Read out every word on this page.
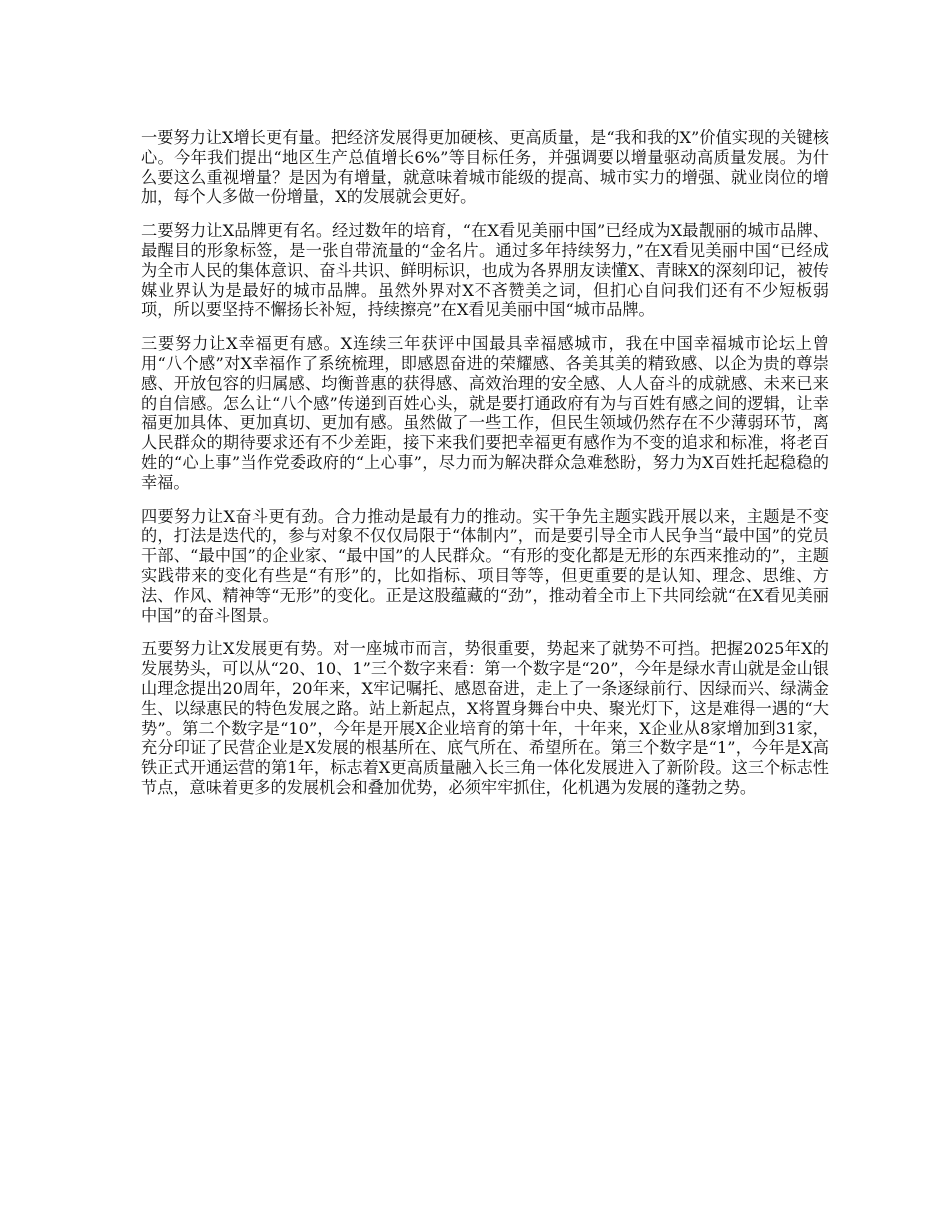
一要努力让X增长更有量。把经济发展得更加硬核、更高质量，是“我和我的X”价值实现的关键核心。今年我们提出“地区生产总值增长6%”等目标任务，并强调要以增量驱动高质量发展。为什么要这么重视增量？是因为有增量，就意味着城市能级的提高、城市实力的增强、就业岗位的增加，每个人多做一份增量，X的发展就会更好。

二要努力让X品牌更有名。经过数年的培育，“在X看见美丽中国”已经成为X最靓丽的城市品牌、最醒目的形象标签，是一张自带流量的“金名片。通过多年持续努力，”在X看见美丽中国“已经成为全市人民的集体意识、奋斗共识、鲜明标识，也成为各界朋友读懂X、青睐X的深刻印记，被传媒业界认为是最好的城市品牌。虽然外界对X不吝赞美之词，但扪心自问我们还有不少短板弱项，所以要坚持不懈扬长补短，持续擦亮”在X看见美丽中国“城市品牌。

三要努力让X幸福更有感。X连续三年获评中国最具幸福感城市，我在中国幸福城市论坛上曾用“八个感”对X幸福作了系统梳理，即感恩奋进的荣耀感、各美其美的精致感、以企为贵的尊崇感、开放包容的归属感、均衡普惠的获得感、高效治理的安全感、人人奋斗的成就感、未来已来的自信感。怎么让“八个感”传递到百姓心头，就是要打通政府有为与百姓有感之间的逻辑，让幸福更加具体、更加真切、更加有感。虽然做了一些工作，但民生领域仍然存在不少薄弱环节，离人民群众的期待要求还有不少差距，接下来我们要把幸福更有感作为不变的追求和标准，将老百姓的“心上事”当作党委政府的“上心事”，尽力而为解决群众急难愁盼，努力为X百姓托起稳稳的幸福。

四要努力让X奋斗更有劲。合力推动是最有力的推动。实干争先主题实践开展以来，主题是不变的，打法是迭代的，参与对象不仅仅局限于“体制内”，而是要引导全市人民争当“最中国”的党员干部、“最中国”的企业家、“最中国”的人民群众。“有形的变化都是无形的东西来推动的”，主题实践带来的变化有些是“有形”的，比如指标、项目等等，但更重要的是认知、理念、思维、方法、作风、精神等“无形”的变化。正是这股蕴藏的“劲”，推动着全市上下共同绘就“在X看见美丽中国”的奋斗图景。

五要努力让X发展更有势。对一座城市而言，势很重要，势起来了就势不可挡。把握2025年X的发展势头，可以从“20、10、1”三个数字来看：第一个数字是“20”，今年是绿水青山就是金山银山理念提出20周年，20年来，X牢记嘱托、感恩奋进，走上了一条逐绿前行、因绿而兴、绿满金生、以绿惠民的特色发展之路。站上新起点，X将置身舞台中央、聚光灯下，这是难得一遇的“大势”。第二个数字是“10”，今年是开展X企业培育的第十年，十年来，X企业从8家增加到31家，充分印证了民营企业是X发展的根基所在、底气所在、希望所在。第三个数字是“1”，今年是X高铁正式开通运营的第1年，标志着X更高质量融入长三角一体化发展进入了新阶段。这三个标志性节点，意味着更多的发展机会和叠加优势，必须牢牢抓住，化机遇为发展的蓬勃之势。
